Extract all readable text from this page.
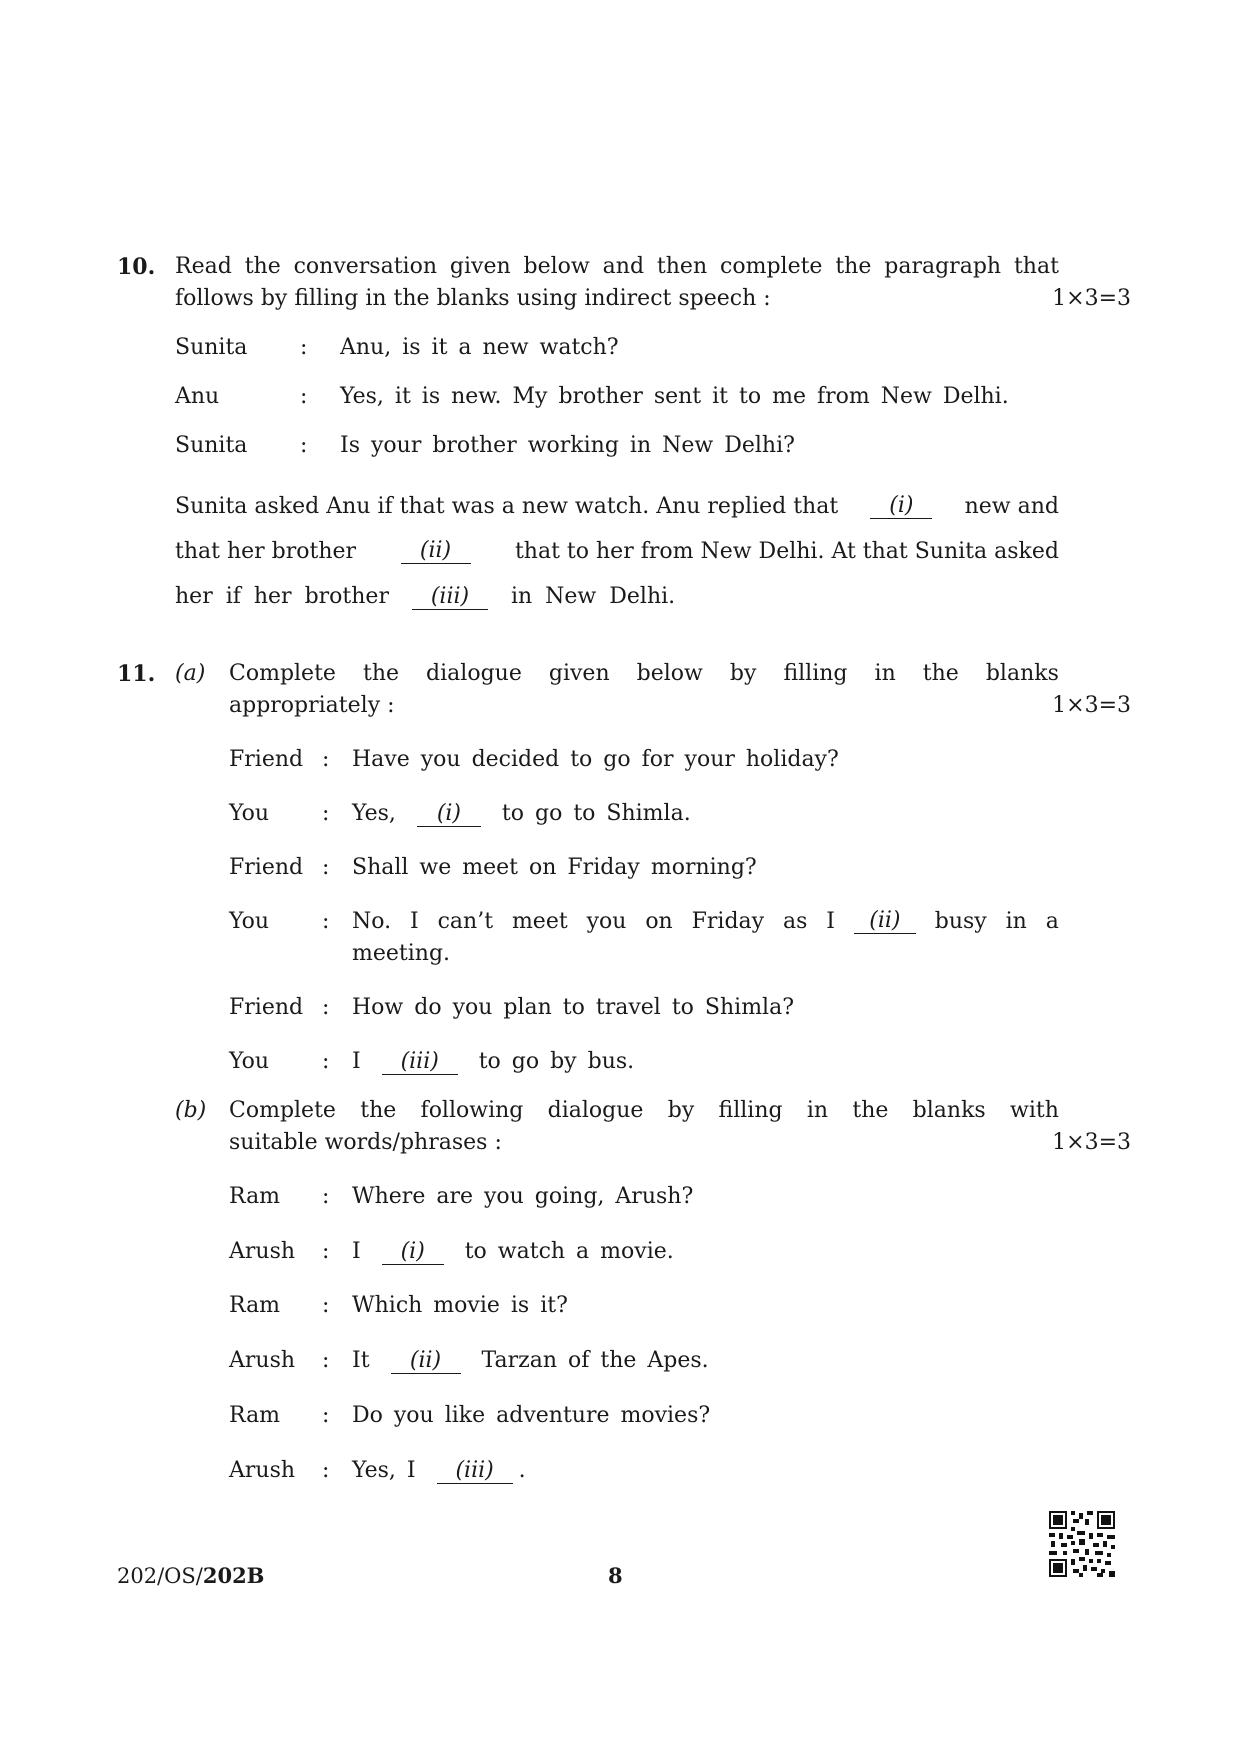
10. Read the conversation given below and then complete the paragraph that
follows by filling in the blanks using indirect speech :	1×3=3
Sunita : Anu, is it a new watch?
Anu	: Yes, it is new. My brother sent it to me from New Delhi.
Sunita : Is your brother working in New Delhi?
Sunita asked Anu if that was a new watch. Anu replied that	(i)	new and
that her brother	(ii)	that to her from New Delhi. At that Sunita asked
her if her brother (iii) in New Delhi.
11. (a) Complete the dialogue given below by filling in the blanks
appropriately :	1×3=3
Friend : Have you decided to go for your holiday?
You : Yes, (i) to go to Shimla.
Friend : Shall we meet on Friday morning?
You : No. I can’t meet you on Friday as I	(ii)	busy in a
meeting.
Friend : How do you plan to travel to Shimla?
You : I (iii) to go by bus.
(b) Complete the following dialogue by filling in the blanks with
suitable words/phrases :	1×3=3
Ram : Where are you going, Arush?
Arush : I (i) to watch a movie.
Ram : Which movie is it?
Arush : It (ii) Tarzan of the Apes.
Ram : Do you like adventure movies?
Arush : Yes, I (iii) .
202/OS/202B	8
